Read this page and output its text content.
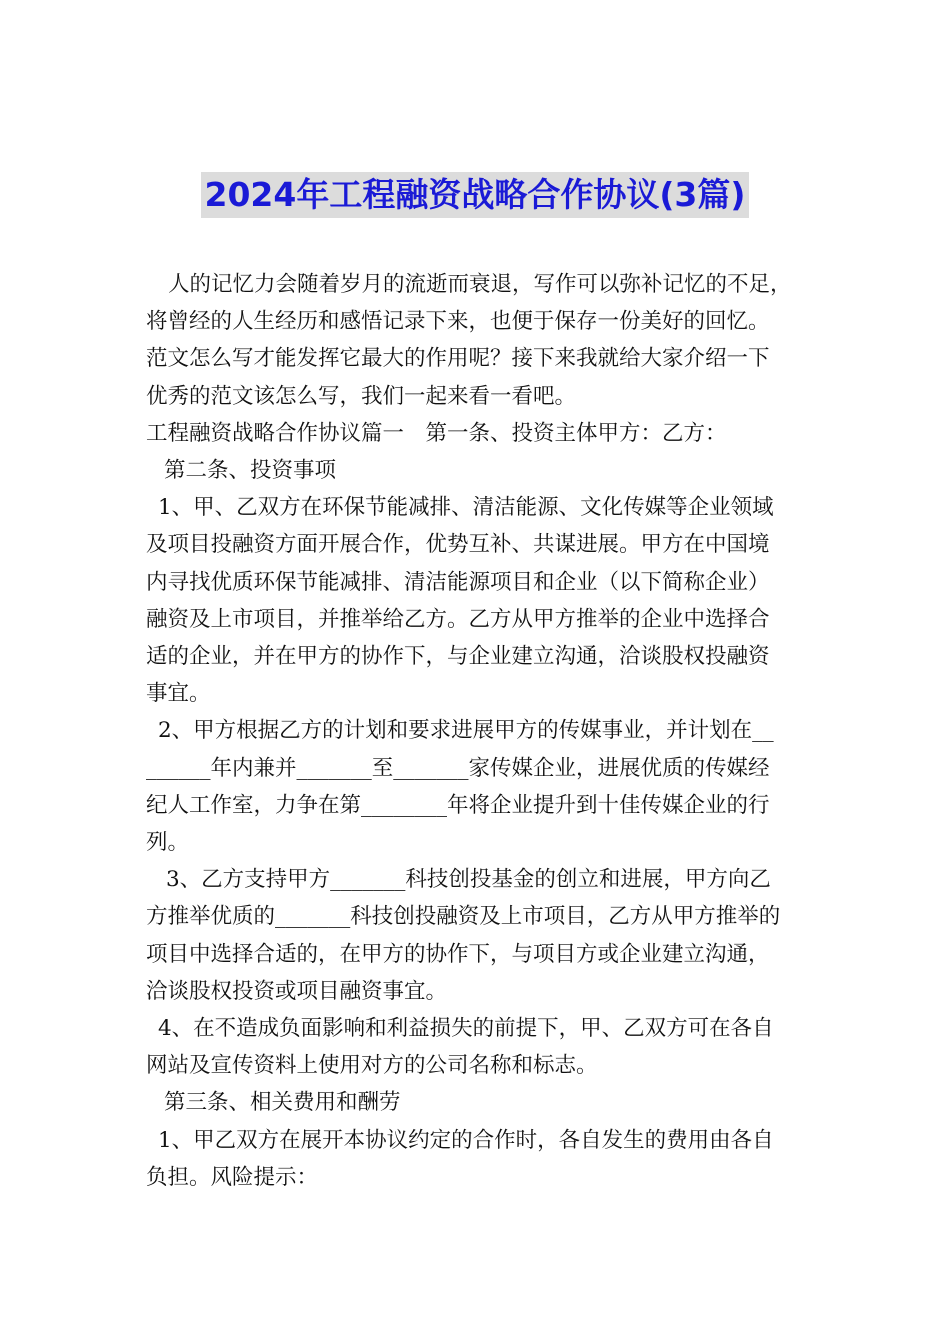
2024年工程融资战略合作协议(3篇)
人的记忆力会随着岁月的流逝而衰退，写作可以弥补记忆的不足，
将曾经的人生经历和感悟记录下来，也便于保存一份美好的回忆。
范文怎么写才能发挥它最大的作用呢？接下来我就给大家介绍一下
优秀的范文该怎么写，我们一起来看一看吧。
工程融资战略合作协议篇一　第一条、投资主体甲方：乙方：
第二条、投资事项
1、甲、乙双方在环保节能减排、清洁能源、文化传媒等企业领域
及项目投融资方面开展合作，优势互补、共谋进展。甲方在中国境
内寻找优质环保节能减排、清洁能源项目和企业（以下简称企业）
融资及上市项目，并推举给乙方。乙方从甲方推举的企业中选择合
适的企业，并在甲方的协作下，与企业建立沟通，洽谈股权投融资
事宜。
2、甲方根据乙方的计划和要求进展甲方的传媒事业，并计划在__
______年内兼并_______至_______家传媒企业，进展优质的传媒经
纪人工作室，力争在第________年将企业提升到十佳传媒企业的行
列。
3、乙方支持甲方_______科技创投基金的创立和进展，甲方向乙
方推举优质的_______科技创投融资及上市项目，乙方从甲方推举的
项目中选择合适的，在甲方的协作下，与项目方或企业建立沟通，
洽谈股权投资或项目融资事宜。
4、在不造成负面影响和利益损失的前提下，甲、乙双方可在各自
网站及宣传资料上使用对方的公司名称和标志。
第三条、相关费用和酬劳
1、甲乙双方在展开本协议约定的合作时，各自发生的费用由各自
负担。风险提示：
